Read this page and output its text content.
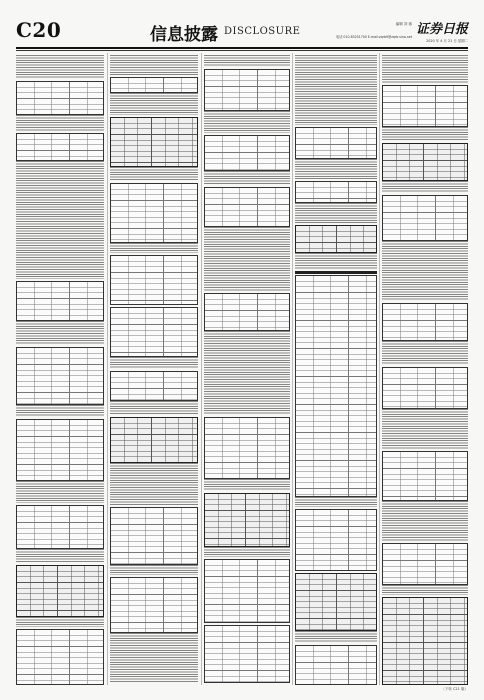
C20	信息披露 DISCLOSURE
编辑 刘 蓉
电话 010-83251700 E-mail:zqrb9@zqrb.sina.net 证券日报
2020 年 4 月 21 日 星期二
（下转 C21 版）
